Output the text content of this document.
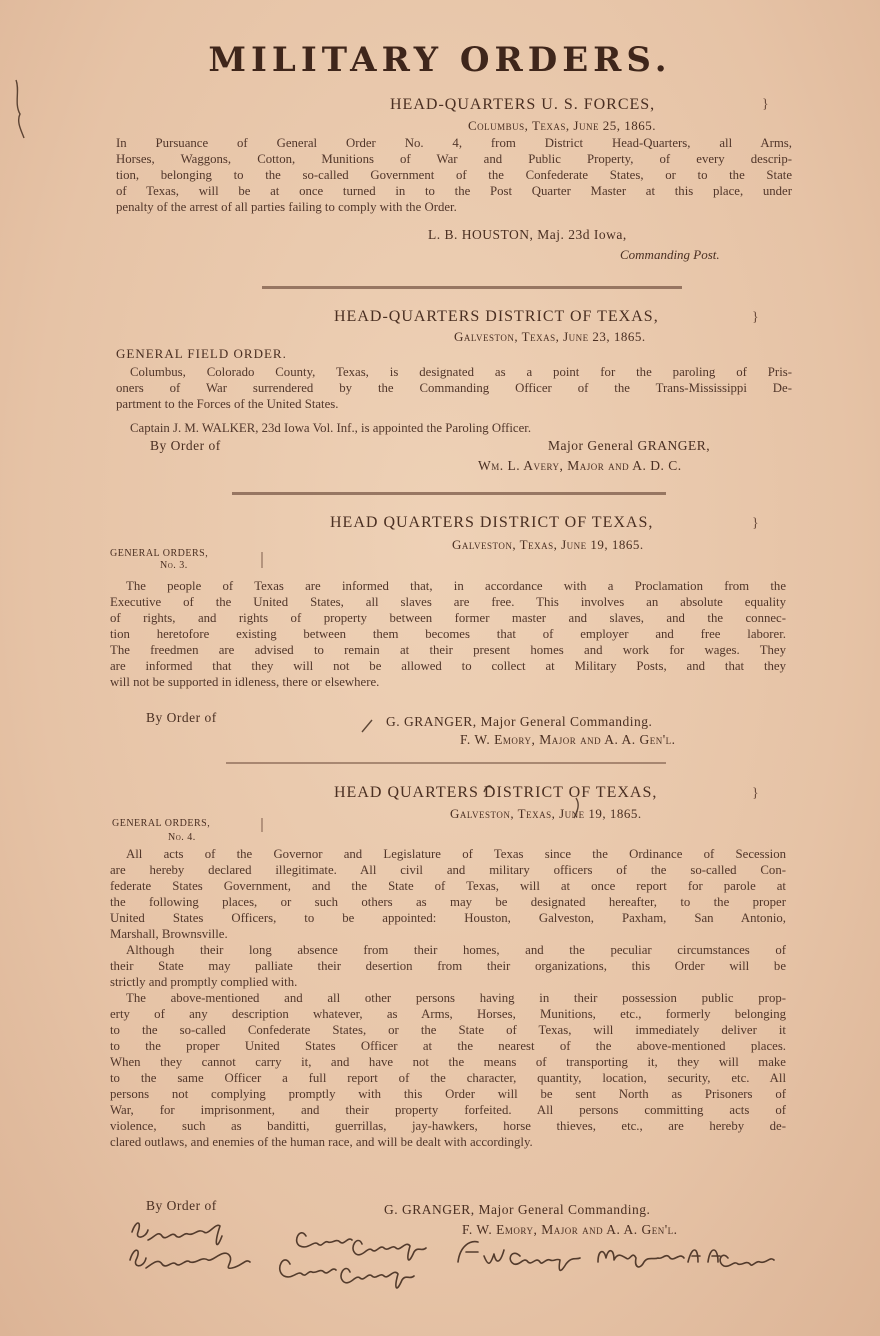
MILITARY ORDERS.
HEAD-QUARTERS U. S. FORCES,	}
Columbus, Texas, June 25, 1865.
In Pursuance of General Order No. 4, from District Head-Quarters, all Arms,
Horses, Waggons, Cotton, Munitions of War and Public Property, of every descrip-
tion, belonging to the so-called Government of the Confederate States, or to the State
of Texas, will be at once turned in to the Post Quarter Master at this place, under
penalty of the arrest of all parties failing to comply with the Order.
L. B. HOUSTON, Maj. 23d Iowa,
Commanding Post.
HEAD-QUARTERS DISTRICT OF TEXAS,	}
Galveston, Texas, June 23, 1865.
GENERAL FIELD ORDER.
Columbus, Colorado County, Texas, is designated as a point for the paroling of Pris-
oners of War surrendered by the Commanding Officer of the Trans-Mississippi De-
partment to the Forces of the United States.
Captain J. M. WALKER, 23d Iowa Vol. Inf., is appointed the Paroling Officer.
By Order of	Major General GRANGER,
Wm. L. Avery, Major and A. D. C.
HEAD QUARTERS DISTRICT OF TEXAS,	}
Galveston, Texas, June 19, 1865.
GENERAL ORDERS,
No. 3.
The people of Texas are informed that, in accordance with a Proclamation from the
Executive of the United States, all slaves are free. This involves an absolute equality
of rights, and rights of property between former master and slaves, and the connec-
tion heretofore existing between them becomes that of employer and free laborer.
The freedmen are advised to remain at their present homes and work for wages. They
are informed that they will not be allowed to collect at Military Posts, and that they
will not be supported in idleness, there or elsewhere.
By Order of	G. GRANGER, Major General Commanding.
F. W. Emory, Major and A. A. Gen'l.
HEAD QUARTERS DISTRICT OF TEXAS,	}
Galveston, Texas, June 19, 1865.
GENERAL ORDERS,
No. 4.
All acts of the Governor and Legislature of Texas since the Ordinance of Secession
are hereby declared illegitimate. All civil and military officers of the so-called Con-
federate States Government, and the State of Texas, will at once report for parole at
the following places, or such others as may be designated hereafter, to the proper
United States Officers, to be appointed: Houston, Galveston, Paxham, San Antonio,
Marshall, Brownsville.
Although their long absence from their homes, and the peculiar circumstances of
their State may palliate their desertion from their organizations, this Order will be
strictly and promptly complied with.
The above-mentioned and all other persons having in their possession public prop-
erty of any description whatever, as Arms, Horses, Munitions, etc., formerly belonging
to the so-called Confederate States, or the State of Texas, will immediately deliver it
to the proper United States Officer at the nearest of the above-mentioned places.
When they cannot carry it, and have not the means of transporting it, they will make
to the same Officer a full report of the character, quantity, location, security, etc. All
persons not complying promptly with this Order will be sent North as Prisoners of
War, for imprisonment, and their property forfeited. All persons committing acts of
violence, such as banditti, guerrillas, jay-hawkers, horse thieves, etc., are hereby de-
clared outlaws, and enemies of the human race, and will be dealt with accordingly.
By Order of	G. GRANGER, Major General Commanding.
F. W. Emory, Major and A. A. Gen'l.
